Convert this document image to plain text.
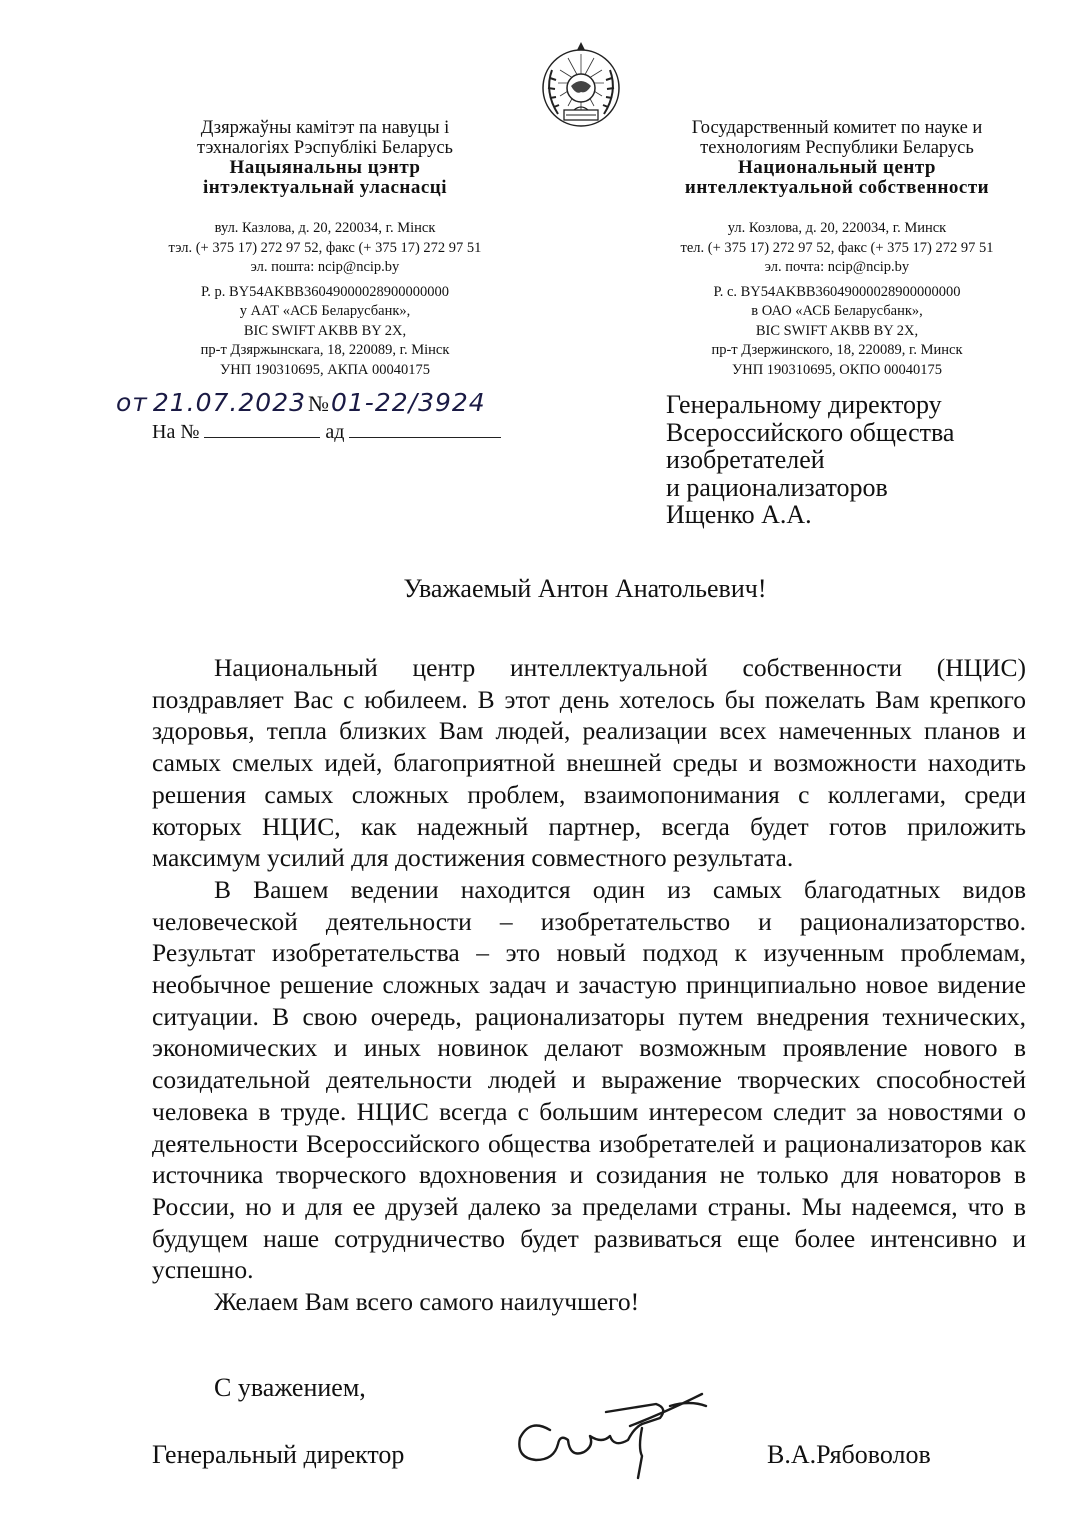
Дзяржаўны камітэт па навуцы і
тэхналогіях Рэспублікі Беларусь
Нацыянальны цэнтр
інтэлектуальнай уласнасці
вул. Казлова, д. 20, 220034, г. Мінск
тэл. (+ 375 17) 272 97 52, факс (+ 375 17) 272 97 51
эл. пошта: ncip@ncip.by
Р. р. BY54AKBB36049000028900000000
у ААТ «АСБ Беларусбанк»,
BIC SWIFT AKBB BY 2X,
пр-т Дзяржынскага, 18, 220089, г. Мінск
УНП 190310695, АКПА 00040175
Государственный комитет по науке и
технологиям Республики Беларусь
Национальный центр
интеллектуальной собственности
ул. Козлова, д. 20, 220034, г. Минск
тел. (+ 375 17) 272 97 52, факс (+ 375 17) 272 97 51
эл. почта: ncip@ncip.by
Р. с. BY54AKBB36049000028900000000
в ОАО «АСБ Беларусбанк»,
BIC SWIFT AKBB BY 2X,
пр-т Дзержинского, 18, 220089, г. Минск
УНП 190310695, ОКПО 00040175
от 21.07.2023№01-22/3924
На №	ад
Генеральному директору
Всероссийского общества
изобретателей
и рационализаторов
Ищенко А.А.
Уважаемый Антон Анатольевич!

Национальный центр интеллектуальной собственности (НЦИС) поздравляет Вас с юбилеем. В этот день хотелось бы пожелать Вам крепкого здоровья, тепла близких Вам людей, реализации всех намеченных планов и самых смелых идей, благоприятной внешней среды и возможности находить решения самых сложных проблем, взаимопонимания с коллегами, среди которых НЦИС, как надежный партнер, всегда будет готов приложить максимум усилий для достижения совместного результата.

В Вашем ведении находится один из самых благодатных видов человеческой деятельности – изобретательство и рационализаторство. Результат изобретательства – это новый подход к изученным проблемам, необычное решение сложных задач и зачастую принципиально новое видение ситуации. В свою очередь, рационализаторы путем внедрения технических, экономических и иных новинок делают возможным проявление нового в созидательной деятельности людей и выражение творческих способностей человека в труде. НЦИС всегда с большим интересом следит за новостями о деятельности Всероссийского общества изобретателей и рационализаторов как источника творческого вдохновения и созидания не только для новаторов в России, но и для ее друзей далеко за пределами страны. Мы надеемся, что в будущем наше сотрудничество будет развиваться еще более интенсивно и успешно.

Желаем Вам всего самого наилучшего!

С уважением,
Генеральный директор	В.А.Рябоволов
